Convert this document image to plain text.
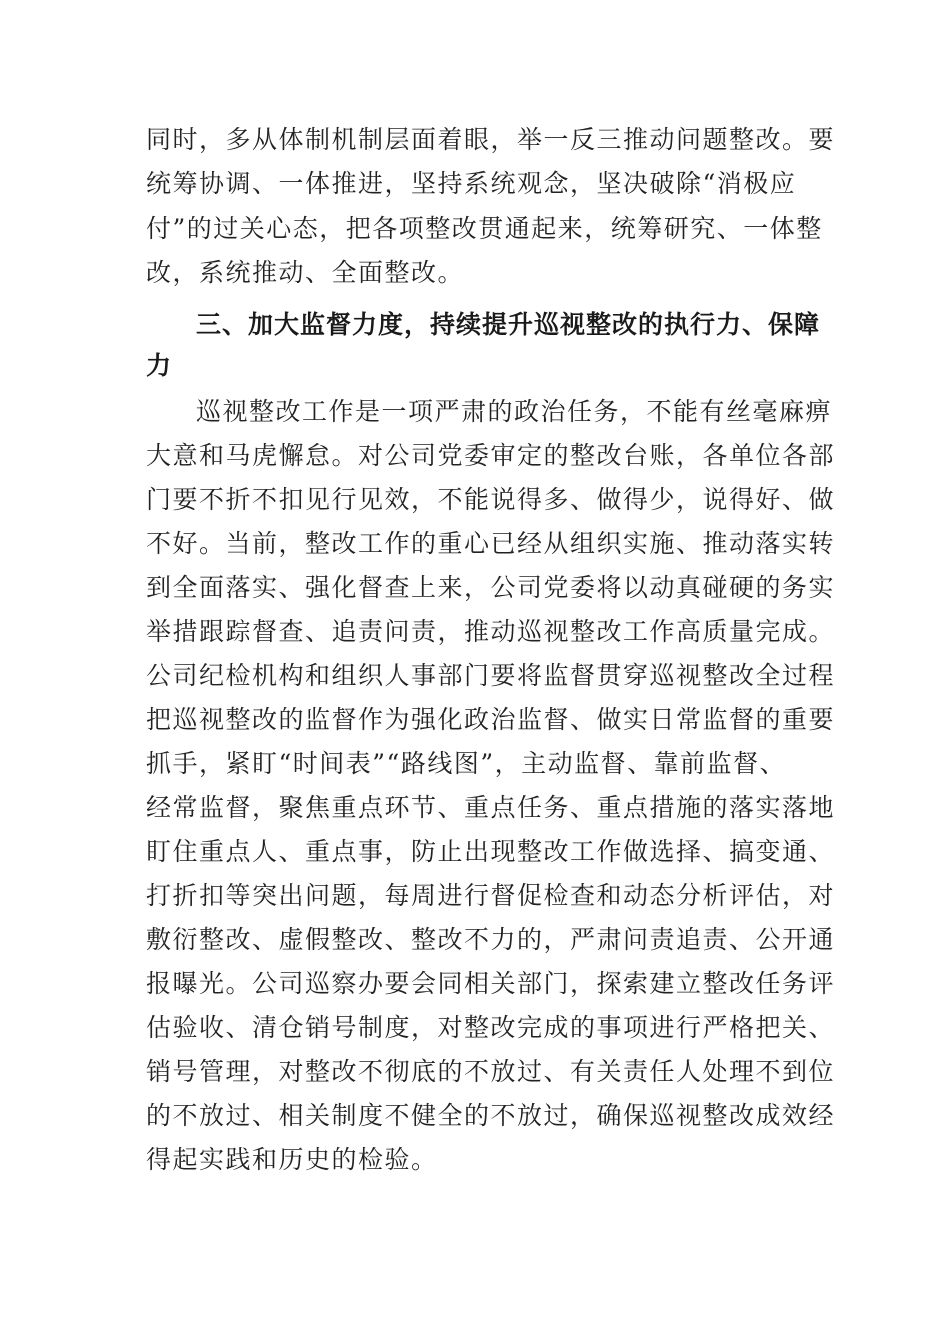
同时，多从体制机制层面着眼，举一反三推动问题整改。要

统筹协调、一体推进，坚持系统观念，坚决破除“消极应

付”的过关心态，把各项整改贯通起来，统筹研究、一体整

改，系统推动、全面整改。

三、加大监督力度，持续提升巡视整改的执行力、保障

力

巡视整改工作是一项严肃的政治任务，不能有丝毫麻痹

大意和马虎懈怠。对公司党委审定的整改台账，各单位各部

门要不折不扣见行见效，不能说得多、做得少，说得好、做

不好。当前，整改工作的重心已经从组织实施、推动落实转

到全面落实、强化督查上来，公司党委将以动真碰硬的务实

举措跟踪督查、追责问责，推动巡视整改工作高质量完成。

公司纪检机构和组织人事部门要将监督贯穿巡视整改全过程

把巡视整改的监督作为强化政治监督、做实日常监督的重要

抓手，紧盯“时间表”“路线图”，主动监督、靠前监督、

经常监督，聚焦重点环节、重点任务、重点措施的落实落地

盯住重点人、重点事，防止出现整改工作做选择、搞变通、

打折扣等突出问题，每周进行督促检查和动态分析评估，对

敷衍整改、虚假整改、整改不力的，严肃问责追责、公开通

报曝光。公司巡察办要会同相关部门，探索建立整改任务评

估验收、清仓销号制度，对整改完成的事项进行严格把关、

销号管理，对整改不彻底的不放过、有关责任人处理不到位

的不放过、相关制度不健全的不放过，确保巡视整改成效经

得起实践和历史的检验。
